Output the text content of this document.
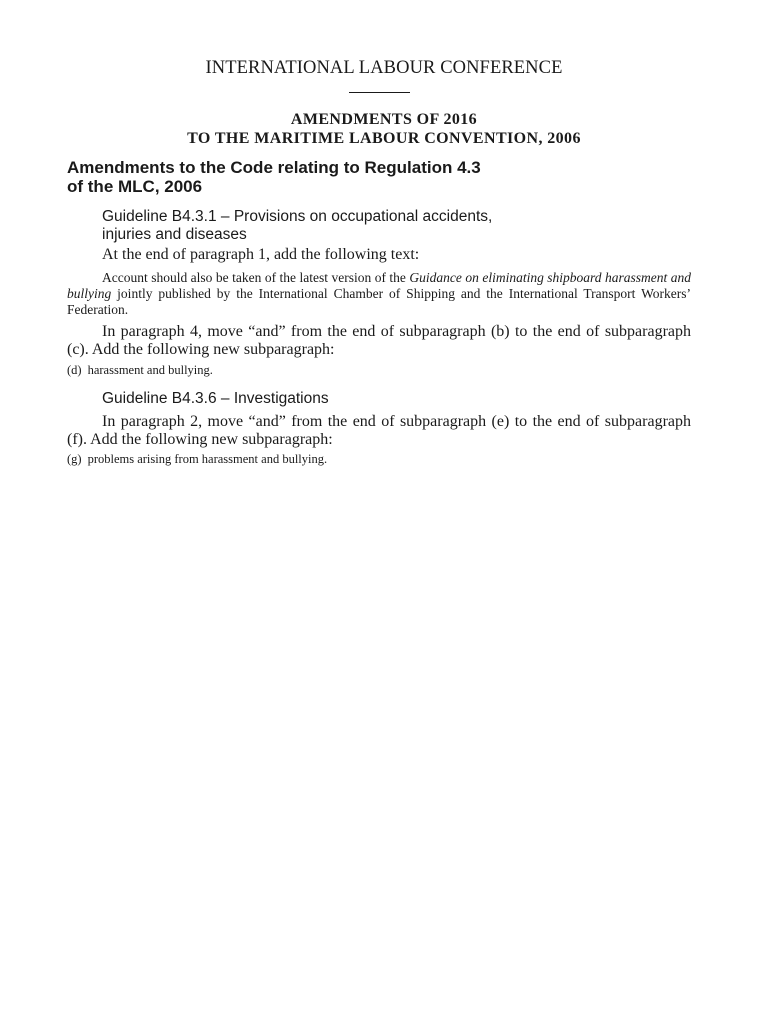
INTERNATIONAL LABOUR CONFERENCE
AMENDMENTS OF 2016
TO THE MARITIME LABOUR CONVENTION, 2006
Amendments to the Code relating to Regulation 4.3
of the MLC, 2006
Guideline B4.3.1 – Provisions on occupational accidents,
injuries and diseases
At the end of paragraph 1, add the following text:
Account should also be taken of the latest version of the Guidance on eliminating shipboard harassment and bullying jointly published by the International Chamber of Shipping and the International Transport Workers’ Federation.
In paragraph 4, move “and” from the end of subparagraph (b) to the end of subparagraph (c). Add the following new subparagraph:
(d) harassment and bullying.
Guideline B4.3.6 – Investigations
In paragraph 2, move “and” from the end of subparagraph (e) to the end of subparagraph (f). Add the following new subparagraph:
(g) problems arising from harassment and bullying.
